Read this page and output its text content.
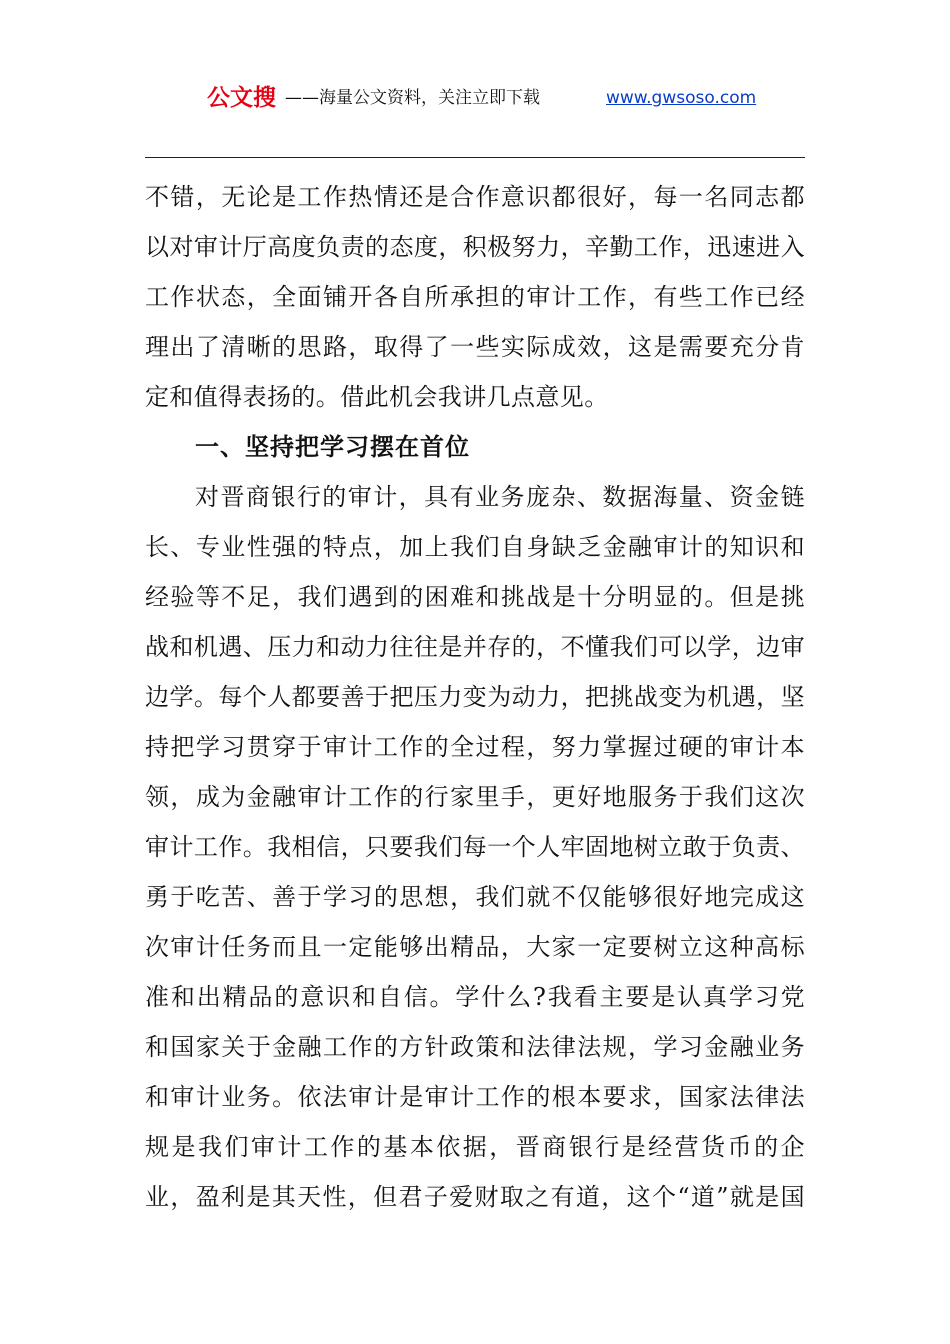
公文搜 ——海量公文资料，关注立即下载	www.gwsoso.com
不错，无论是工作热情还是合作意识都很好，每一名同志都
以对审计厅高度负责的态度，积极努力，辛勤工作，迅速进入
工作状态，全面铺开各自所承担的审计工作，有些工作已经
理出了清晰的思路，取得了一些实际成效，这是需要充分肯
定和值得表扬的。借此机会我讲几点意见。
一、坚持把学习摆在首位
对晋商银行的审计，具有业务庞杂、数据海量、资金链
长、专业性强的特点，加上我们自身缺乏金融审计的知识和
经验等不足，我们遇到的困难和挑战是十分明显的。但是挑
战和机遇、压力和动力往往是并存的，不懂我们可以学，边审
边学。每个人都要善于把压力变为动力，把挑战变为机遇，坚
持把学习贯穿于审计工作的全过程，努力掌握过硬的审计本
领，成为金融审计工作的行家里手，更好地服务于我们这次
审计工作。我相信，只要我们每一个人牢固地树立敢于负责、
勇于吃苦、善于学习的思想，我们就不仅能够很好地完成这
次审计任务而且一定能够出精品，大家一定要树立这种高标
准和出精品的意识和自信。学什么?我看主要是认真学习党
和国家关于金融工作的方针政策和法律法规，学习金融业务
和审计业务。依法审计是审计工作的根本要求，国家法律法
规是我们审计工作的基本依据，晋商银行是经营货币的企
业，盈利是其天性，但君子爱财取之有道，这个“道”就是国
